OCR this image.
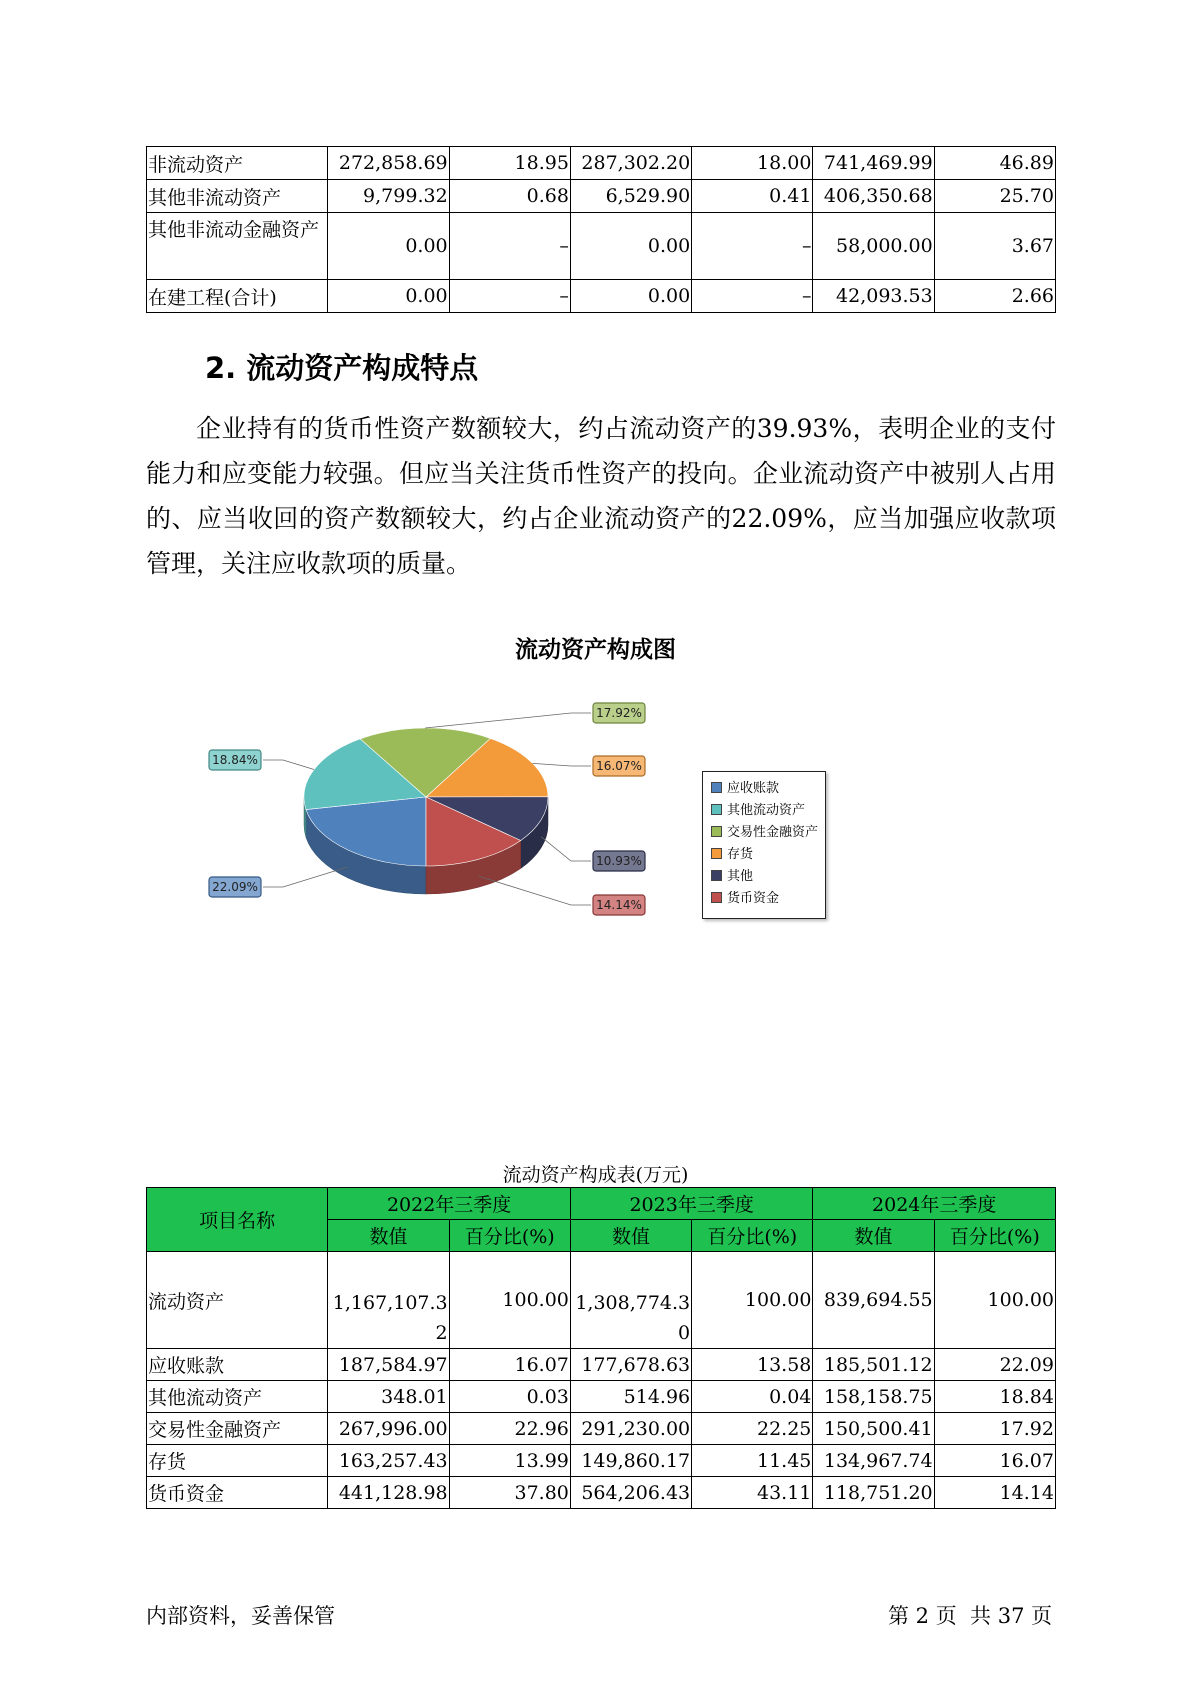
非流动资产	272,858.69	18.95	287,302.20	18.00	741,469.99	46.89
其他非流动资产	9,799.32	0.68	6,529.90	0.41	406,350.68	25.70
其他非流动金融资产	0.00	–	0.00	–	58,000.00	3.67
在建工程(合计)	0.00	–	0.00	–	42,093.53	2.66
2. 流动资产构成特点

企业持有的货币性资产数额较大，约占流动资产的39.93%，表明企业的支付能力和应变能力较强。但应当关注货币性资产的投向。企业流动资产中被别人占用的、应当收回的资产数额较大，约占企业流动资产的22.09%，应当加强应收款项管理，关注应收款项的质量。

流动资产构成图
22.09%
18.84%
17.92%
16.07%
10.93%
14.14%
应收账款
其他流动资产
交易性金融资产
存货
其他
货币资金
流动资产构成表(万元)
项目名称	2022年三季度		2023年三季度		2024年三季度	
	数值	百分比(%)	数值	百分比(%)	数值	百分比(%)
流动资产	1,167,107.32	100.00	1,308,774.30	100.00	839,694.55	100.00
应收账款	187,584.97	16.07	177,678.63	13.58	185,501.12	22.09
其他流动资产	348.01	0.03	514.96	0.04	158,158.75	18.84
交易性金融资产	267,996.00	22.96	291,230.00	22.25	150,500.41	17.92
存货	163,257.43	13.99	149,860.17	11.45	134,967.74	16.07
货币资金	441,128.98	37.80	564,206.43	43.11	118,751.20	14.14
内部资料，妥善保管	第 2 页  共 37 页
